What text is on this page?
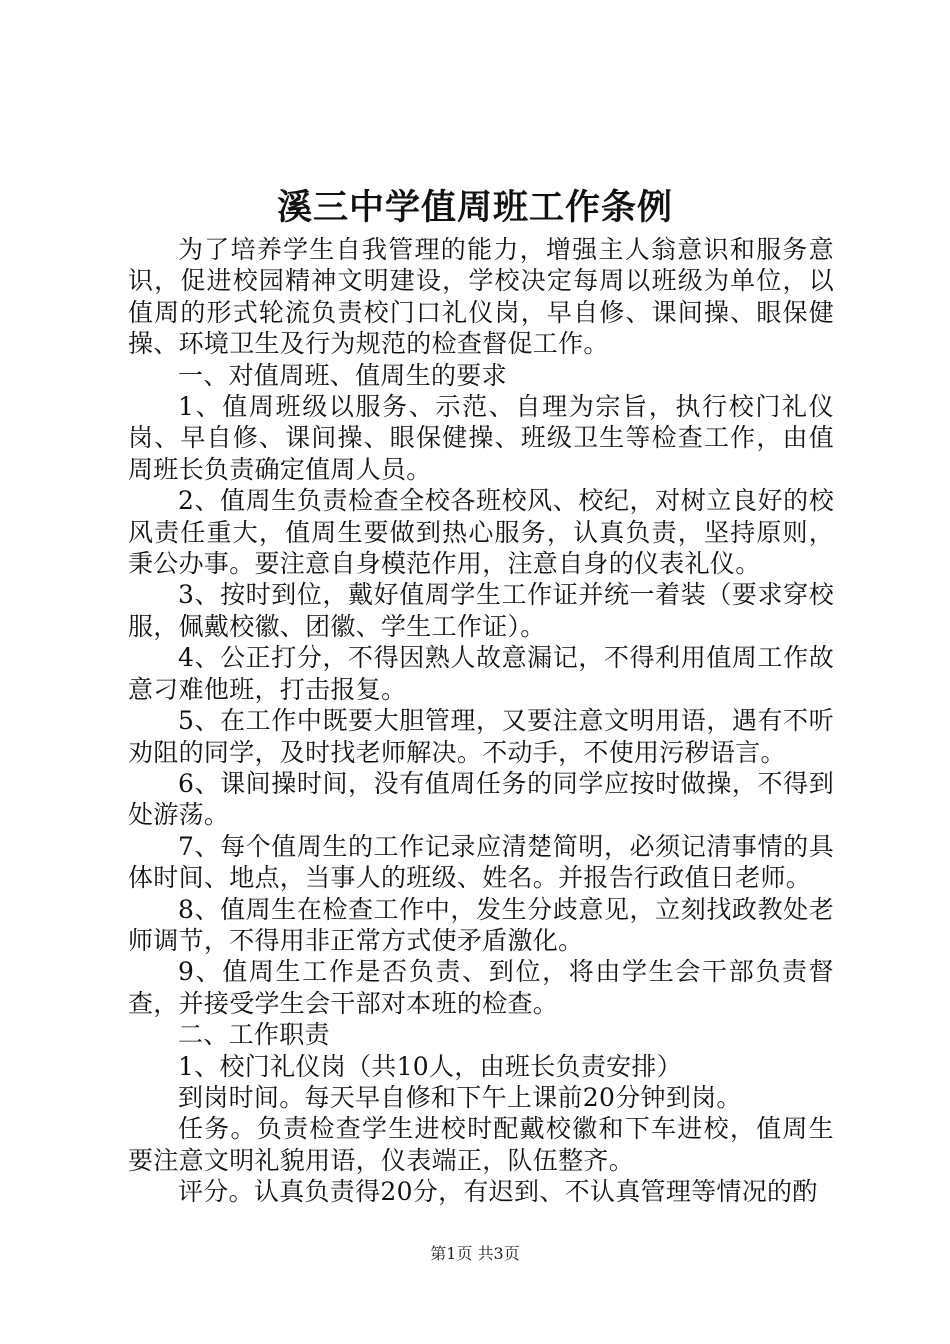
溪三中学值周班工作条例

为了培养学生自我管理的能力，增强主人翁意识和服务意识，促进校园精神文明建设，学校决定每周以班级为单位，以值周的形式轮流负责校门口礼仪岗，早自修、课间操、眼保健操、环境卫生及行为规范的检查督促工作。

一、对值周班、值周生的要求

1、值周班级以服务、示范、自理为宗旨，执行校门礼仪岗、早自修、课间操、眼保健操、班级卫生等检查工作，由值周班长负责确定值周人员。

2、值周生负责检查全校各班校风、校纪，对树立良好的校风责任重大，值周生要做到热心服务，认真负责，坚持原则，秉公办事。要注意自身模范作用，注意自身的仪表礼仪。

3、按时到位，戴好值周学生工作证并统一着装（要求穿校服，佩戴校徽、团徽、学生工作证）。

4、公正打分，不得因熟人故意漏记，不得利用值周工作故意刁难他班，打击报复。

5、在工作中既要大胆管理，又要注意文明用语，遇有不听劝阻的同学，及时找老师解决。不动手，不使用污秽语言。

6、课间操时间，没有值周任务的同学应按时做操，不得到处游荡。

7、每个值周生的工作记录应清楚简明，必须记清事情的具体时间、地点，当事人的班级、姓名。并报告行政值日老师。

8、值周生在检查工作中，发生分歧意见，立刻找政教处老师调节，不得用非正常方式使矛盾激化。

9、值周生工作是否负责、到位，将由学生会干部负责督查，并接受学生会干部对本班的检查。

二、工作职责

1、校门礼仪岗（共10人，由班长负责安排）

到岗时间。每天早自修和下午上课前20分钟到岗。

任务。负责检查学生进校时配戴校徽和下车进校，值周生要注意文明礼貌用语，仪表端正，队伍整齐。

评分。认真负责得20分，有迟到、不认真管理等情况的酌

第1页 共3页
